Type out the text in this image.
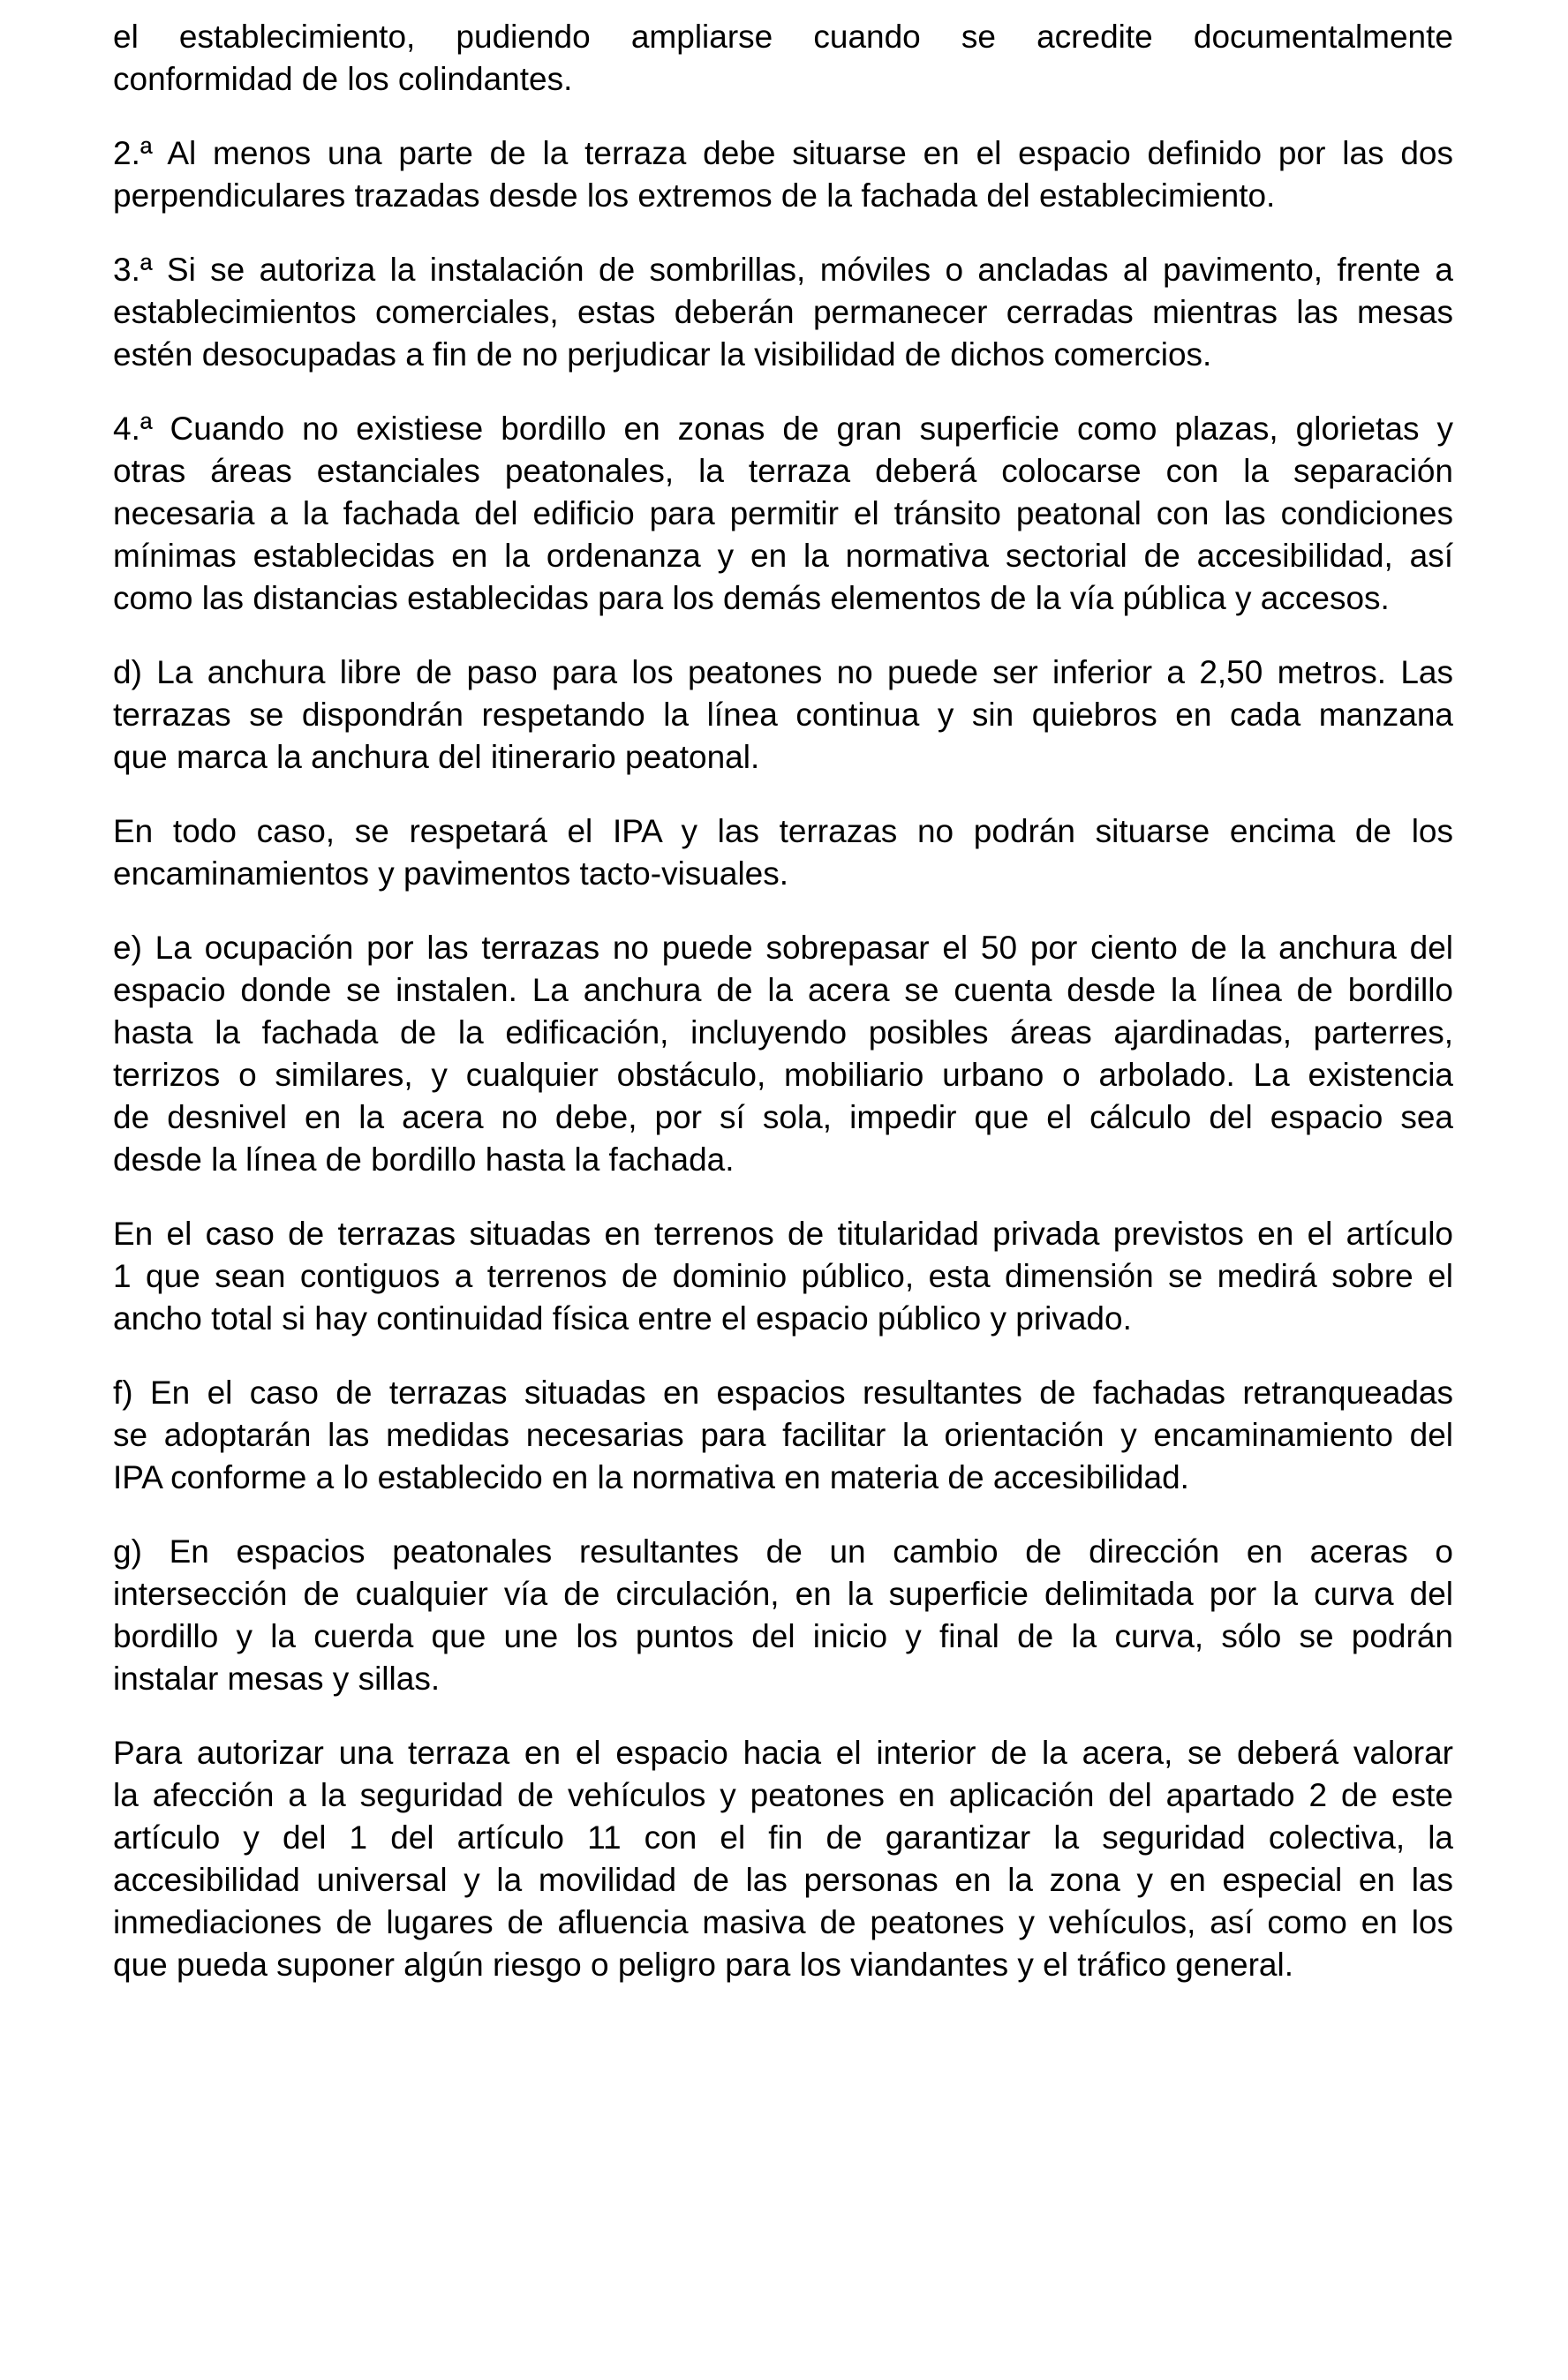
el establecimiento, pudiendo ampliarse cuando se acredite documentalmente
conformidad de los colindantes.
2.ª Al menos una parte de la terraza debe situarse en el espacio definido por las dos
perpendiculares trazadas desde los extremos de la fachada del establecimiento.
3.ª Si se autoriza la instalación de sombrillas, móviles o ancladas al pavimento, frente a
establecimientos comerciales, estas deberán permanecer cerradas mientras las mesas
estén desocupadas a fin de no perjudicar la visibilidad de dichos comercios.
4.ª Cuando no existiese bordillo en zonas de gran superficie como plazas, glorietas y
otras áreas estanciales peatonales, la terraza deberá colocarse con la separación
necesaria a la fachada del edificio para permitir el tránsito peatonal con las condiciones
mínimas establecidas en la ordenanza y en la normativa sectorial de accesibilidad, así
como las distancias establecidas para los demás elementos de la vía pública y accesos.
d) La anchura libre de paso para los peatones no puede ser inferior a 2,50 metros. Las
terrazas se dispondrán respetando la línea continua y sin quiebros en cada manzana
que marca la anchura del itinerario peatonal.
En todo caso, se respetará el IPA y las terrazas no podrán situarse encima de los
encaminamientos y pavimentos tacto-visuales.
e) La ocupación por las terrazas no puede sobrepasar el 50 por ciento de la anchura del
espacio donde se instalen. La anchura de la acera se cuenta desde la línea de bordillo
hasta la fachada de la edificación, incluyendo posibles áreas ajardinadas, parterres,
terrizos o similares, y cualquier obstáculo, mobiliario urbano o arbolado. La existencia
de desnivel en la acera no debe, por sí sola, impedir que el cálculo del espacio sea
desde la línea de bordillo hasta la fachada.
En el caso de terrazas situadas en terrenos de titularidad privada previstos en el artículo
1 que sean contiguos a terrenos de dominio público, esta dimensión se medirá sobre el
ancho total si hay continuidad física entre el espacio público y privado.
f) En el caso de terrazas situadas en espacios resultantes de fachadas retranqueadas
se adoptarán las medidas necesarias para facilitar la orientación y encaminamiento del
IPA conforme a lo establecido en la normativa en materia de accesibilidad.
g) En espacios peatonales resultantes de un cambio de dirección en aceras o
intersección de cualquier vía de circulación, en la superficie delimitada por la curva del
bordillo y la cuerda que une los puntos del inicio y final de la curva, sólo se podrán
instalar mesas y sillas.
Para autorizar una terraza en el espacio hacia el interior de la acera, se deberá valorar
la afección a la seguridad de vehículos y peatones en aplicación del apartado 2 de este
artículo y del 1 del artículo 11 con el fin de garantizar la seguridad colectiva, la
accesibilidad universal y la movilidad de las personas en la zona y en especial en las
inmediaciones de lugares de afluencia masiva de peatones y vehículos, así como en los
que pueda suponer algún riesgo o peligro para los viandantes y el tráfico general.
